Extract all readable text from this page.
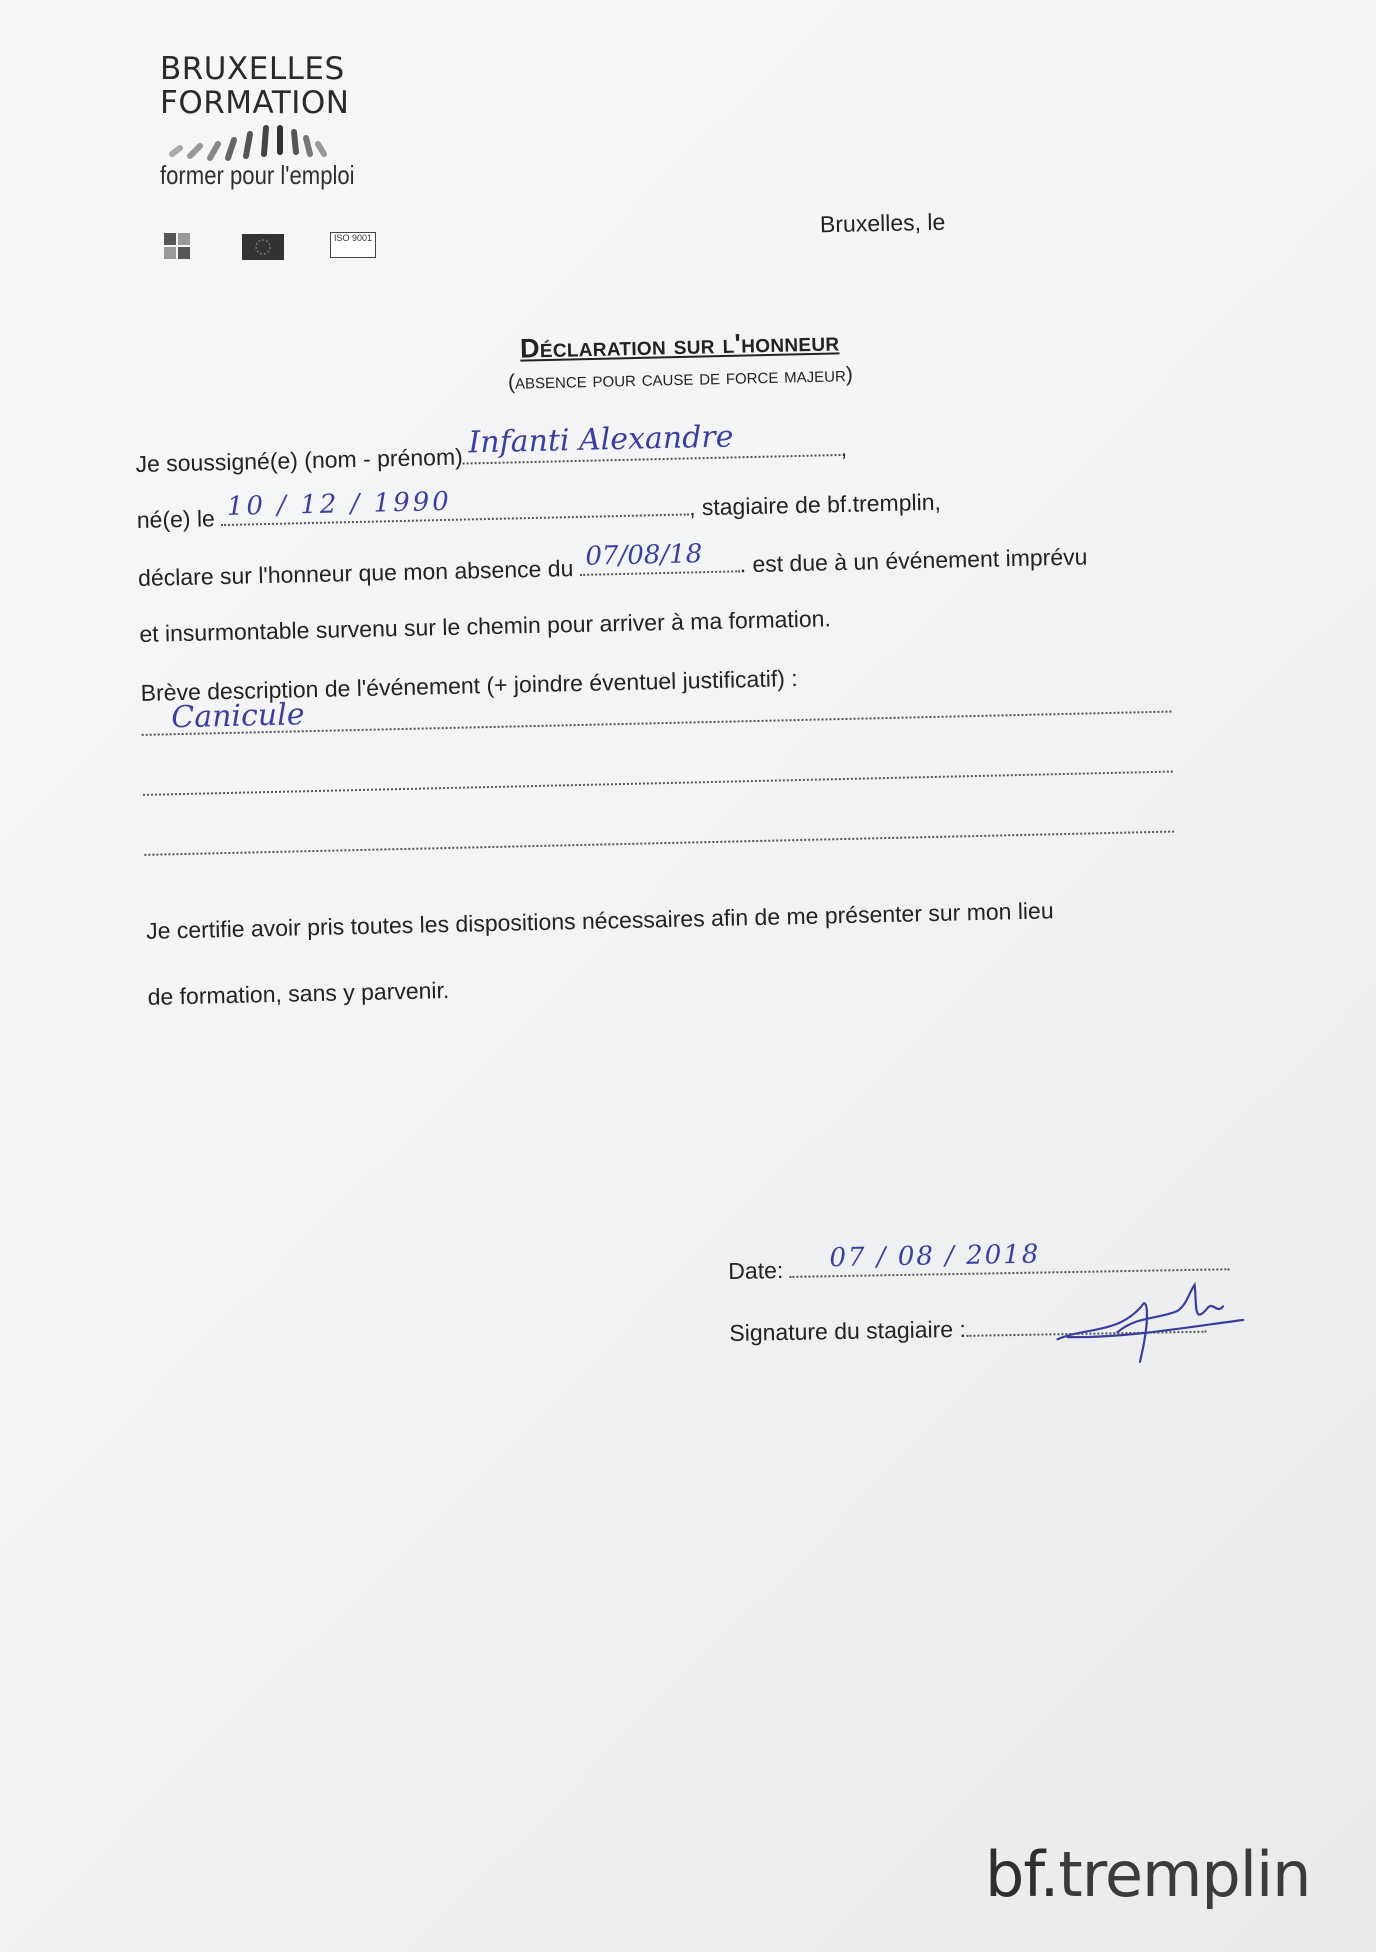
BRUXELLES
FORMATION
former pour l'emploi
ISO 9001
Bruxelles, le
Déclaration sur l'honneur
(absence pour cause de force majeur)
Je soussigné(e) (nom - prénom) Infanti Alexandre	,
né(e) le 10 / 12 / 1990	, stagiaire de bf.tremplin,
déclare sur l'honneur que mon absence du 07/08/18 . est due à un événement imprévu
et insurmontable survenu sur le chemin pour arriver à ma formation.
Brève description de l'événement (+ joindre éventuel justificatif) :
Canicule
Je certifie avoir pris toutes les dispositions nécessaires afin de me présenter sur mon lieu
de formation, sans y parvenir.
Date: 07 / 08 / 2018
Signature du stagiaire :
bf.tremplin
